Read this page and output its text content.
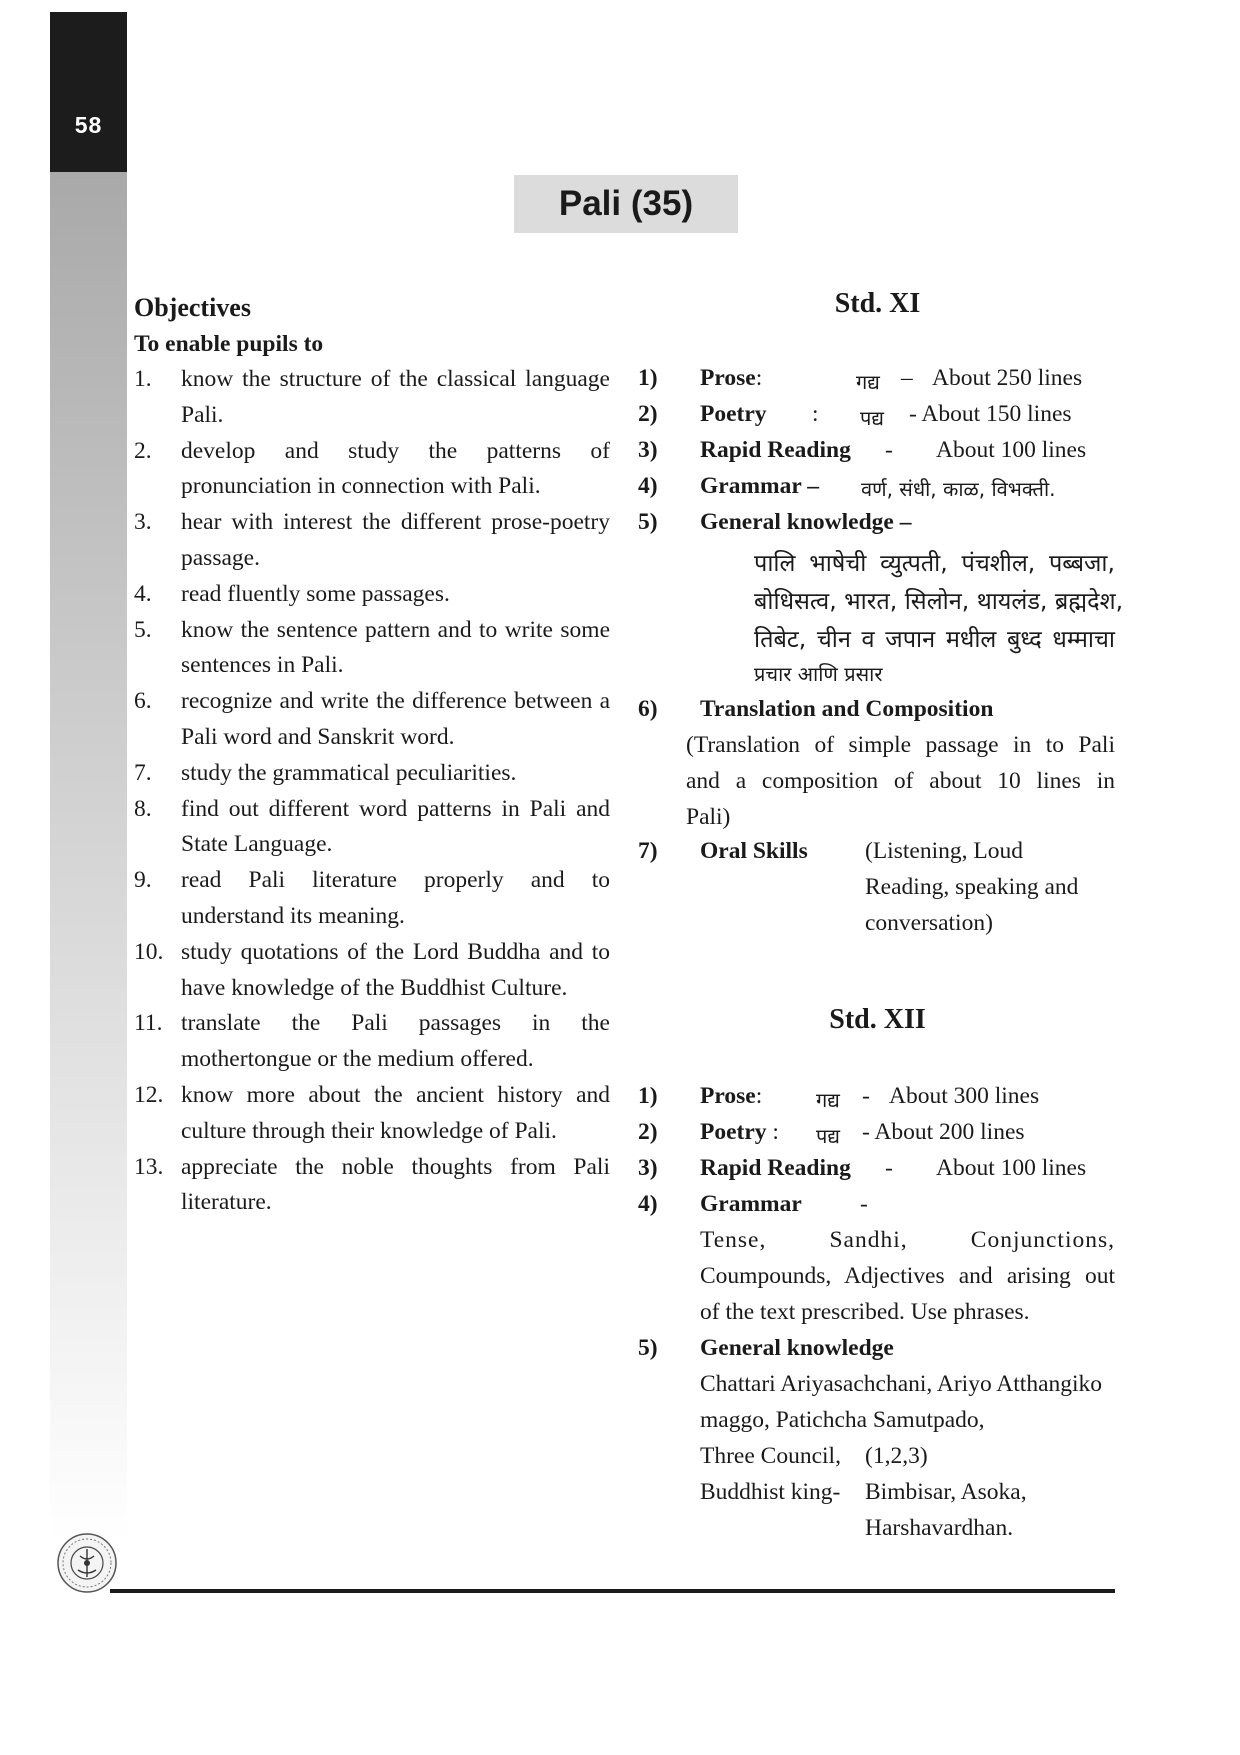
58
Pali (35)
Objectives
To enable pupils to
1.	know the structure of the classical language Pali.
2.	develop and study the patterns of pronunciation in connection with Pali.
3.	hear with interest the different prose-poetry passage.
4.	read fluently some passages.
5.	know the sentence pattern and to write some sentences in Pali.
6.	recognize and write the difference between a Pali word and Sanskrit word.
7.	study the grammatical peculiarities.
8.	find out different word patterns in Pali and State Language.
9.	read Pali literature properly and to understand its meaning.
10. study quotations of the Lord Buddha and to have knowledge of the Buddhist Culture.
11. translate the Pali passages in the mothertongue or the medium offered.
12. know more about the ancient history and culture through their knowledge of Pali.
13. appreciate the noble thoughts from Pali literature.
Std. XI
1) Prose:	गद्य – About 250 lines
2) Poetry : पद्य - About 150 lines
3) Rapid Reading - About 100 lines
4) Grammar – वर्ण, संधी, काळ, विभक्ती.
5) General knowledge –
पालि भाषेची व्युत्पती, पंचशील, पब्बजा,
बोधिसत्व, भारत, सिलोन, थायलंड, ब्रह्मदेश,
तिबेट, चीन व जपान मधील बुध्द धम्माचा
प्रचार आणि प्रसार
6) Translation and Composition
(Translation of simple passage in to Pali
and a composition of about 10 lines in
Pali)
7) Oral Skills (Listening, Loud
Reading, speaking and
conversation)
Std. XII
1) Prose:	गद्य - About 300 lines
2) Poetry : पद्य - About 200 lines
3) Rapid Reading - About 100 lines
4) Grammar -
Tense, Sandhi, Conjunctions,
Coumpounds, Adjectives and arising out
of the text prescribed. Use phrases.
5) General knowledge
Chattari Ariyasachchani, Ariyo Atthangiko
maggo, Patichcha Samutpado,
Three Council, (1,2,3)
Buddhist king- Bimbisar, Asoka,
Harshavardhan.
